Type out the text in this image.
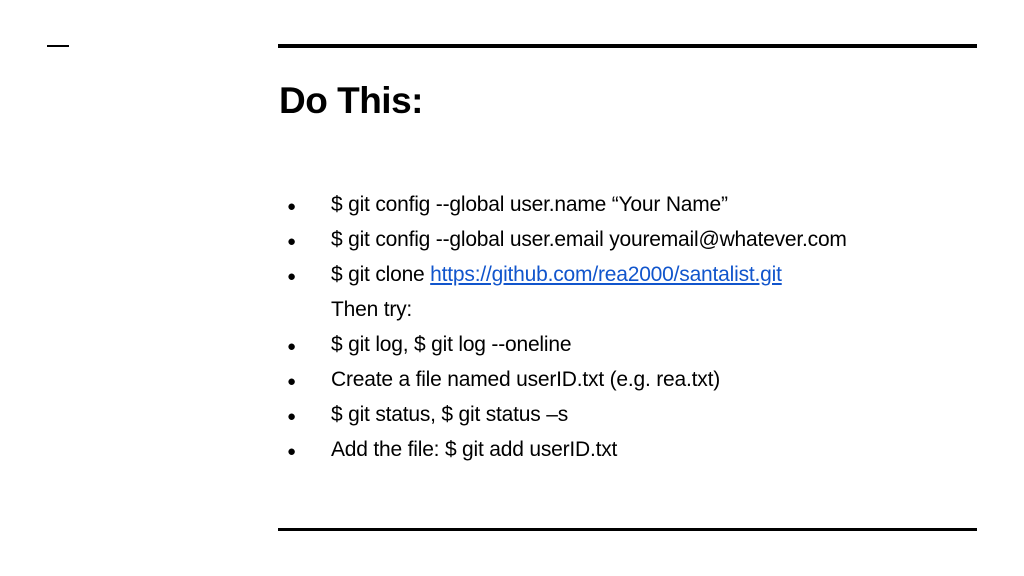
Do This:
●	$ git config --global user.name “Your Name”
●	$ git config --global user.email youremail@whatever.com
●	$ git clone https://github.com/rea2000/santalist.git
Then try:
●	$ git log, $ git log --oneline
●	Create a file named userID.txt (e.g. rea.txt)
●	$ git status, $ git status –s
●	Add the file: $ git add userID.txt
